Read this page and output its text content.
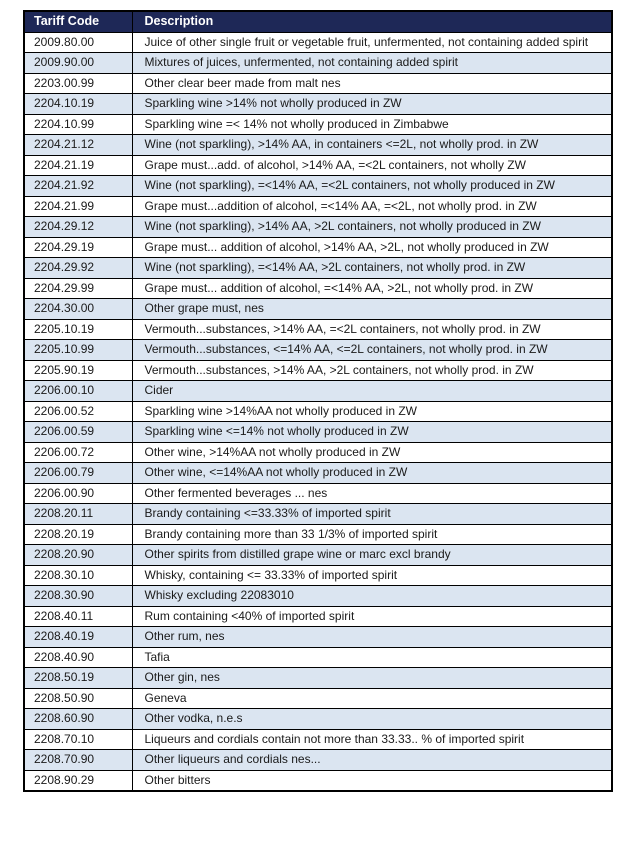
Tariff Code	Description
2009.80.00	Juice of other single fruit or vegetable fruit, unfermented, not containing added spirit
2009.90.00	Mixtures of juices, unfermented, not containing added spirit
2203.00.99	Other clear beer made from malt nes
2204.10.19	Sparkling wine >14% not wholly produced in ZW
2204.10.99	Sparkling wine =< 14% not wholly produced in Zimbabwe
2204.21.12	Wine (not sparkling), >14% AA, in containers <=2L, not wholly prod. in ZW
2204.21.19	Grape must...add. of alcohol, >14% AA, =<2L containers, not wholly ZW
2204.21.92	Wine (not sparkling), =<14% AA, =<2L containers, not wholly produced in ZW
2204.21.99	Grape must...addition of alcohol, =<14% AA, =<2L, not wholly prod. in ZW
2204.29.12	Wine (not sparkling), >14% AA, >2L containers, not wholly produced in ZW
2204.29.19	Grape must... addition of alcohol, >14% AA, >2L, not wholly produced in ZW
2204.29.92	Wine (not sparkling), =<14% AA, >2L containers, not wholly prod. in ZW
2204.29.99	Grape must... addition of alcohol, =<14% AA, >2L, not wholly prod. in ZW
2204.30.00	Other grape must, nes
2205.10.19	Vermouth...substances, >14% AA, =<2L containers, not wholly prod. in ZW
2205.10.99	Vermouth...substances, <=14% AA, <=2L containers, not wholly prod. in ZW
2205.90.19	Vermouth...substances, >14% AA, >2L containers, not wholly prod. in ZW
2206.00.10	Cider
2206.00.52	Sparkling wine >14%AA not wholly produced in ZW
2206.00.59	Sparkling wine <=14% not wholly produced in ZW
2206.00.72	Other wine, >14%AA not wholly produced in ZW
2206.00.79	Other wine, <=14%AA not wholly produced in ZW
2206.00.90	Other fermented beverages ... nes
2208.20.11	Brandy containing <=33.33% of imported spirit
2208.20.19	Brandy containing more than 33 1/3% of imported spirit
2208.20.90	Other spirits from distilled grape wine or marc excl brandy
2208.30.10	Whisky, containing <= 33.33% of imported spirit
2208.30.90	Whisky excluding 22083010
2208.40.11	Rum containing <40% of imported spirit
2208.40.19	Other rum, nes
2208.40.90	Tafia
2208.50.19	Other gin, nes
2208.50.90	Geneva
2208.60.90	Other vodka, n.e.s
2208.70.10	Liqueurs and cordials contain not more than 33.33.. % of imported spirit
2208.70.90	Other liqueurs and cordials nes...
2208.90.29	Other bitters
